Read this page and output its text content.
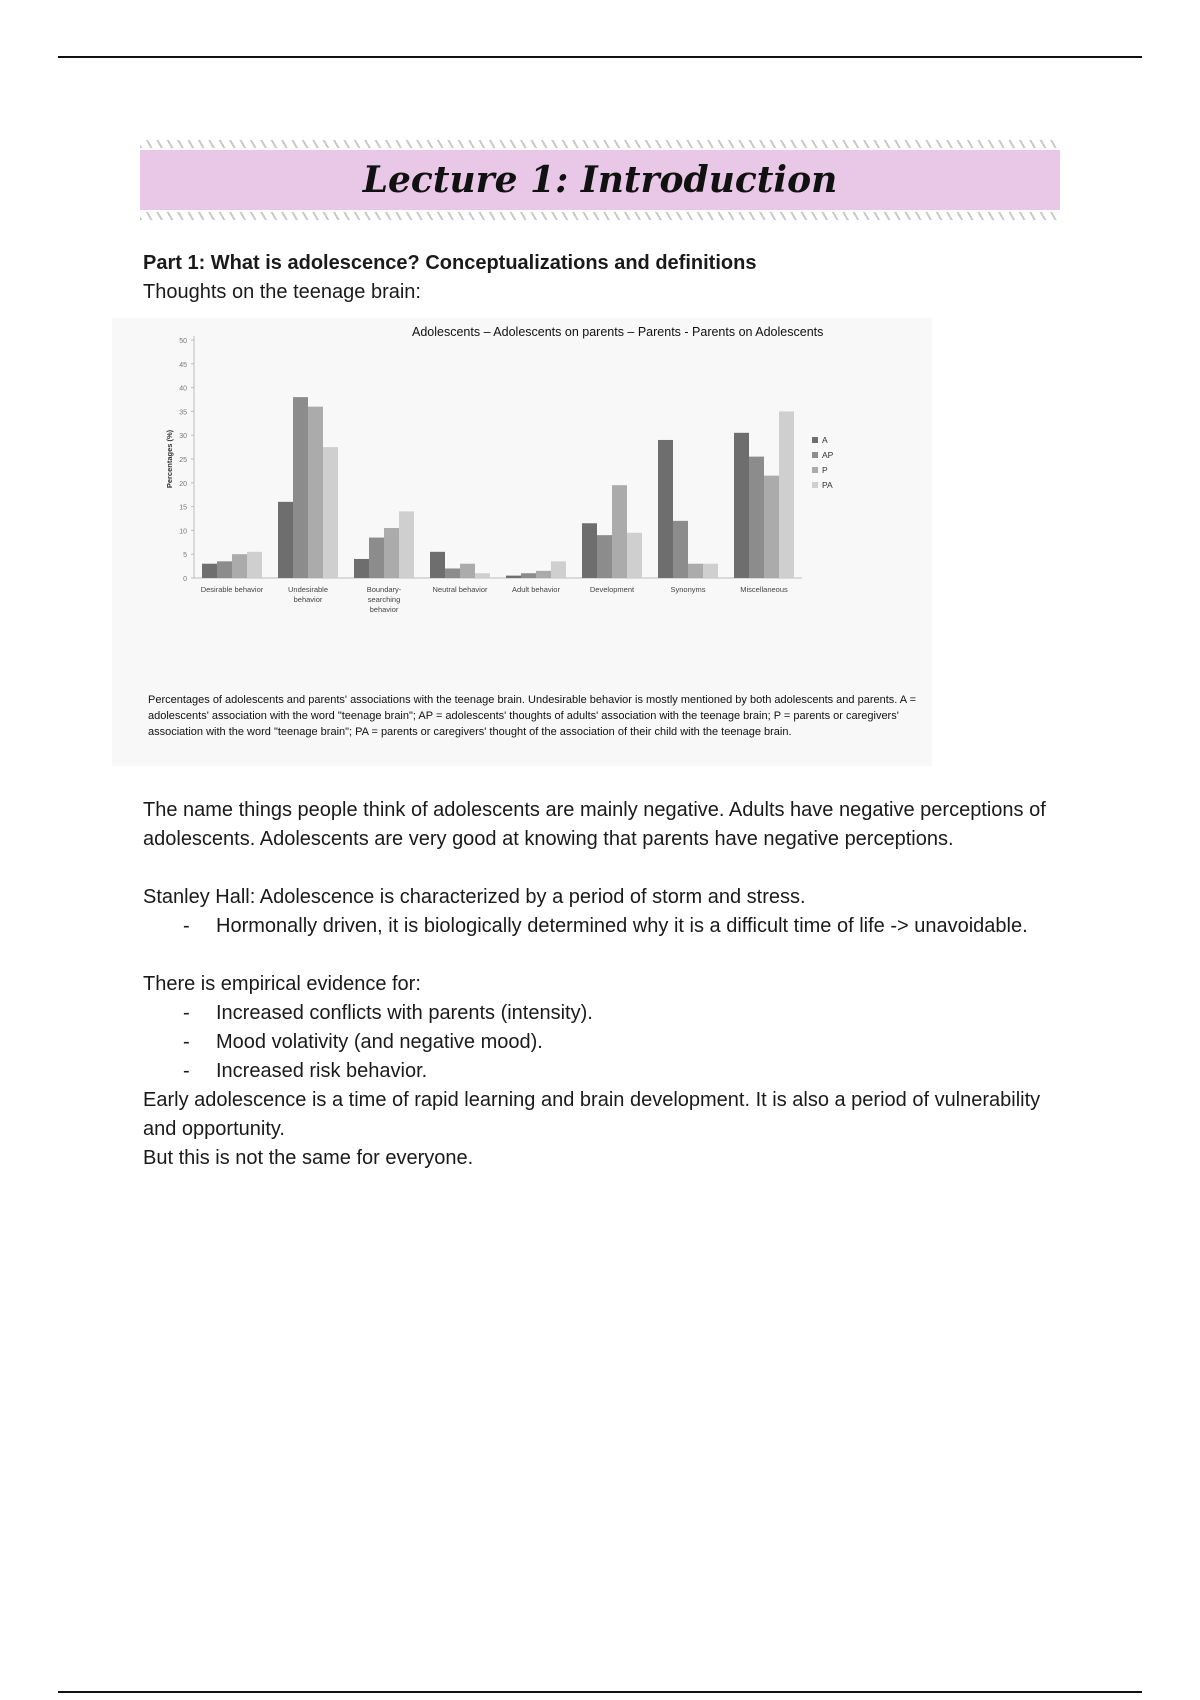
Lecture 1: Introduction
Part 1: What is adolescence? Conceptualizations and definitions

Thoughts on the teenage brain:

Adolescents – Adolescents on parents – Parents - Parents on Adolescents
0
5
10
15
20
25
30
35
40
45
50
Percentages (%)
Desirable behavior	Undesirable behavior
Boundary-searching behavior
Neutral behavior	Adult behavior	Development	Synonyms	Miscellaneous
A
AP
P
PA
Percentages of adolescents and parents' associations with the teenage brain. Undesirable behavior is mostly mentioned by both adolescents and parents. A = adolescents' association with the word "teenage brain"; AP = adolescents' thoughts of adults' association with the teenage brain; P = parents or caregivers' association with the word "teenage brain"; PA = parents or caregivers' thought of the association of their child with the teenage brain.

The name things people think of adolescents are mainly negative. Adults have negative perceptions of adolescents. Adolescents are very good at knowing that parents have negative perceptions.

Stanley Hall: Adolescence is characterized by a period of storm and stress.

- Hormonally driven, it is biologically determined why it is a difficult time of life -> unavoidable.

There is empirical evidence for:

- Increased conflicts with parents (intensity).
- Mood volativity (and negative mood).
- Increased risk behavior.

Early adolescence is a time of rapid learning and brain development. It is also a period of vulnerability and opportunity.

But this is not the same for everyone.
